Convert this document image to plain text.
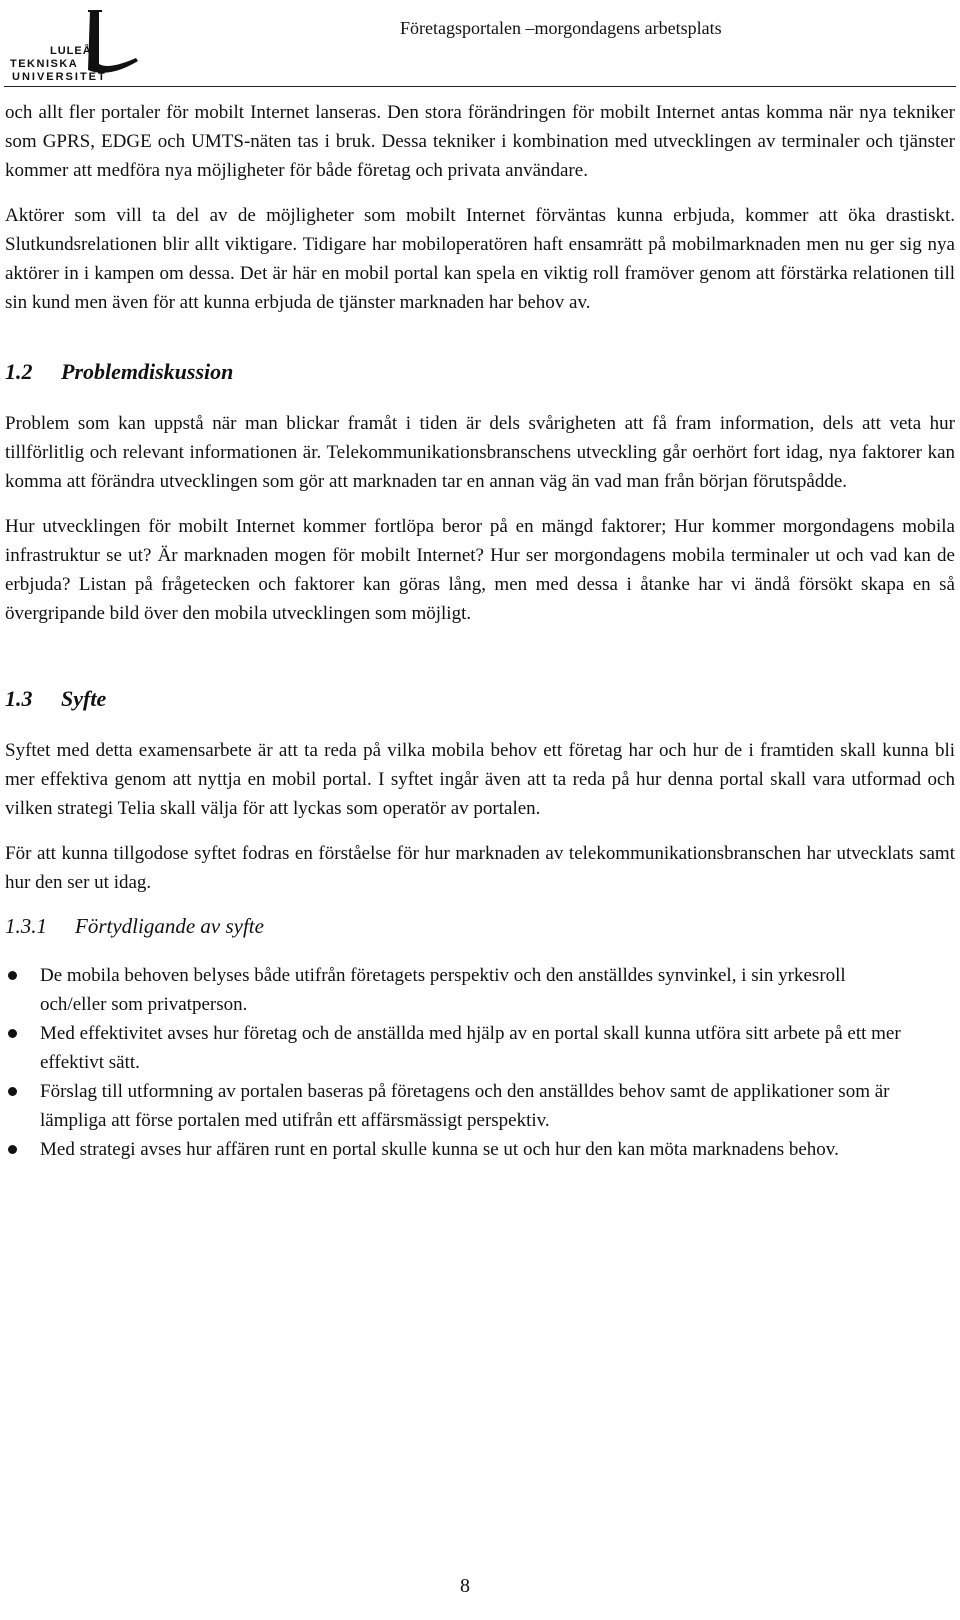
LULEÅ
TEKNISKA
UNIVERSITET
Företagsportalen –morgondagens arbetsplats

och allt fler portaler för mobilt Internet lanseras. Den stora förändringen för mobilt Internet antas komma när nya tekniker som GPRS, EDGE och UMTS-näten tas i bruk. Dessa tekniker i kombination med utvecklingen av terminaler och tjänster kommer att medföra nya möjligheter för både företag och privata användare.

Aktörer som vill ta del av de möjligheter som mobilt Internet förväntas kunna erbjuda, kommer att öka drastiskt. Slutkundsrelationen blir allt viktigare. Tidigare har mobiloperatören haft ensamrätt på mobilmarknaden men nu ger sig nya aktörer in i kampen om dessa. Det är här en mobil portal kan spela en viktig roll framöver genom att förstärka relationen till sin kund men även för att kunna erbjuda de tjänster marknaden har behov av.

1.2 Problemdiskussion

Problem som kan uppstå när man blickar framåt i tiden är dels svårigheten att få fram information, dels att veta hur tillförlitlig och relevant informationen är. Telekommunikationsbranschens utveckling går oerhört fort idag, nya faktorer kan komma att förändra utvecklingen som gör att marknaden tar en annan väg än vad man från början förutspådde.

Hur utvecklingen för mobilt Internet kommer fortlöpa beror på en mängd faktorer; Hur kommer morgondagens mobila infrastruktur se ut? Är marknaden mogen för mobilt Internet? Hur ser morgondagens mobila terminaler ut och vad kan de erbjuda? Listan på frågetecken och faktorer kan göras lång, men med dessa i åtanke har vi ändå försökt skapa en så övergripande bild över den mobila utvecklingen som möjligt.

1.3 Syfte

Syftet med detta examensarbete är att ta reda på vilka mobila behov ett företag har och hur de i framtiden skall kunna bli mer effektiva genom att nyttja en mobil portal. I syftet ingår även att ta reda på hur denna portal skall vara utformad och vilken strategi Telia skall välja för att lyckas som operatör av portalen.

För att kunna tillgodose syftet fodras en förståelse för hur marknaden av telekommunikationsbranschen har utvecklats samt hur den ser ut idag.

1.3.1 Förtydligande av syfte
De mobila behoven belyses både utifrån företagets perspektiv och den anställdes synvinkel, i sin yrkesroll och/eller som privatperson.
Med effektivitet avses hur företag och de anställda med hjälp av en portal skall kunna utföra sitt arbete på ett mer effektivt sätt.
Förslag till utformning av portalen baseras på företagens och den anställdes behov samt de applikationer som är lämpliga att förse portalen med utifrån ett affärsmässigt perspektiv.
Med strategi avses hur affären runt en portal skulle kunna se ut och hur den kan möta marknadens behov.
8
